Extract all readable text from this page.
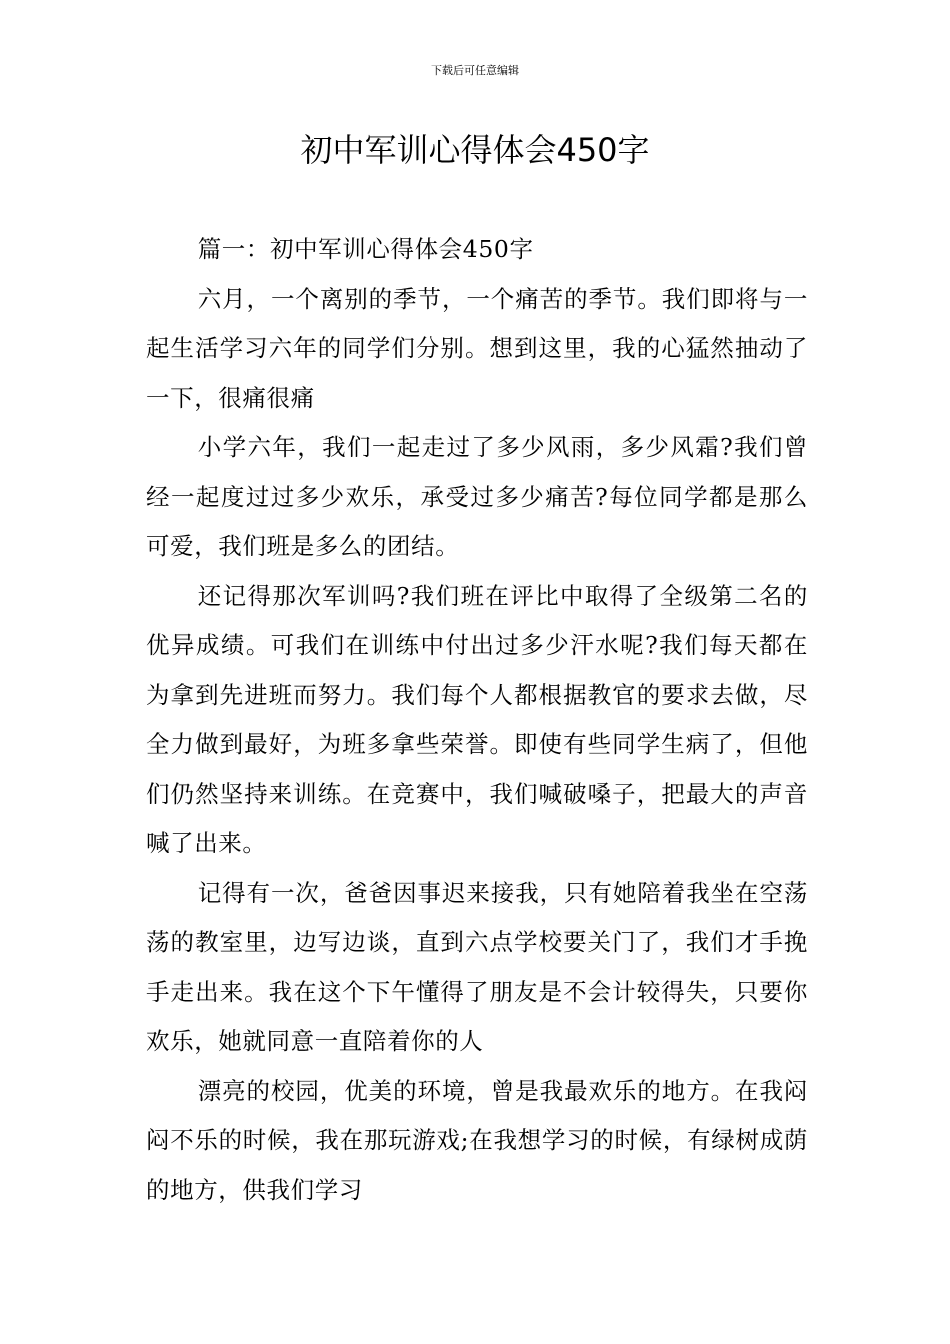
下载后可任意编辑
初中军训心得体会450字

篇一：初中军训心得体会450字

六月，一个离别的季节，一个痛苦的季节。我们即将与一起生活学习六年的同学们分别。想到这里，我的心猛然抽动了一下，很痛很痛

小学六年，我们一起走过了多少风雨，多少风霜?我们曾经一起度过过多少欢乐，承受过多少痛苦?每位同学都是那么可爱，我们班是多么的团结。

还记得那次军训吗?我们班在评比中取得了全级第二名的优异成绩。可我们在训练中付出过多少汗水呢?我们每天都在为拿到先进班而努力。我们每个人都根据教官的要求去做，尽全力做到最好，为班多拿些荣誉。即使有些同学生病了，但他们仍然坚持来训练。在竞赛中，我们喊破嗓子，把最大的声音喊了出来。

记得有一次，爸爸因事迟来接我，只有她陪着我坐在空荡荡的教室里，边写边谈，直到六点学校要关门了，我们才手挽手走出来。我在这个下午懂得了朋友是不会计较得失，只要你欢乐，她就同意一直陪着你的人

漂亮的校园，优美的环境，曾是我最欢乐的地方。在我闷闷不乐的时候，我在那玩游戏;在我想学习的时候，有绿树成荫的地方，供我们学习
